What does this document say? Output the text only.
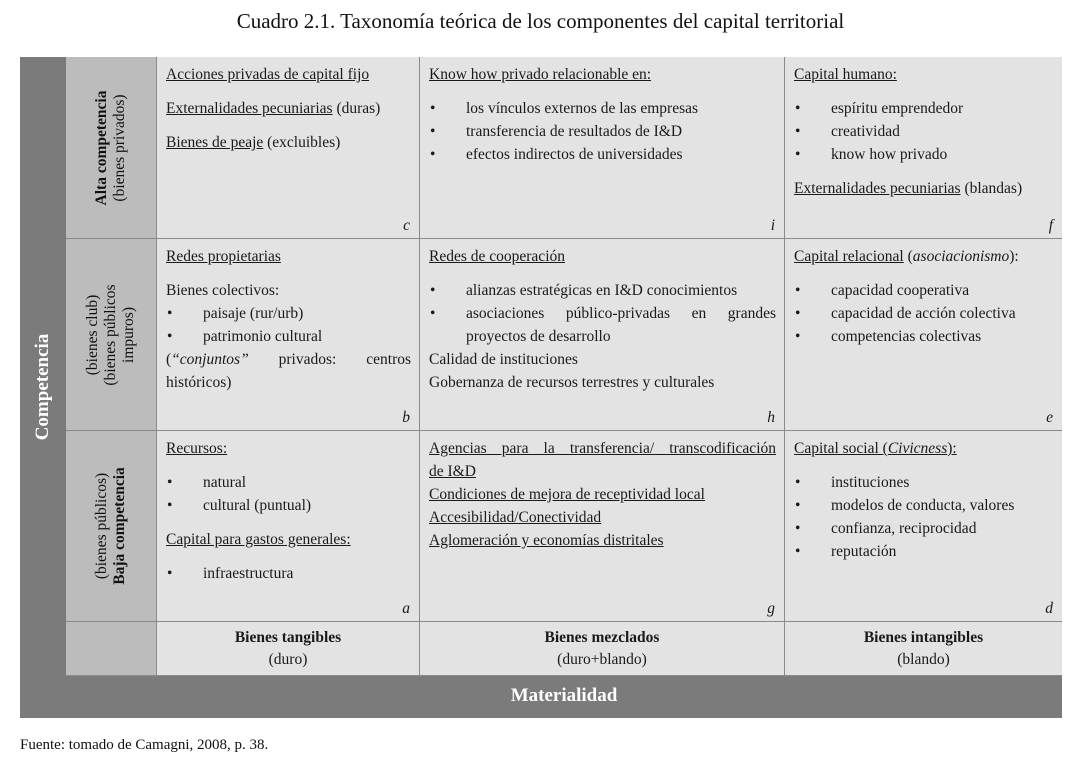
Cuadro 2.1. Taxonomía teórica de los componentes del capital territorial
Competencia
Alta competencia (bienes privados)
(bienes club) (bienes públicos impuros)
(bienes públicos) Baja competencia
Acciones privadas de capital fijo
Externalidades pecuniarias (duras)
Bienes de peaje (excluibles)
c
Know how privado relacionable en:
• los vínculos externos de las empresas
• transferencia de resultados de I&D
• efectos indirectos de universidades
i
Capital humano:
• espíritu emprendedor
• creatividad
• know how privado
Externalidades pecuniarias (blandas)
f
Redes propietarias
Bienes colectivos:
• paisaje (rur/urb)
• patrimonio cultural
(“conjuntos” privados: centros
históricos)
b
Redes de cooperación
• alianzas estratégicas en I&D conocimientos
• asociaciones público-privadas en grandes
proyectos de desarrollo
Calidad de instituciones
Gobernanza de recursos terrestres y culturales
h
Capital relacional (asociacionismo):
• capacidad cooperativa
• capacidad de acción colectiva
• competencias colectivas
e
Recursos:
• natural
• cultural (puntual)
Capital para gastos generales:
• infraestructura
a
Agencias para la transferencia/ transcodificación
de I&D
Condiciones de mejora de receptividad local
Accesibilidad/Conectividad
Aglomeración y economías distritales
g
Capital social (Civicness):
• instituciones
• modelos de conducta, valores
• confianza, reciprocidad
• reputación
d
Bienes tangibles
(duro)
Bienes mezclados
(duro+blando)
Bienes intangibles
(blando)
Materialidad
Fuente: tomado de Camagni, 2008, p. 38.
